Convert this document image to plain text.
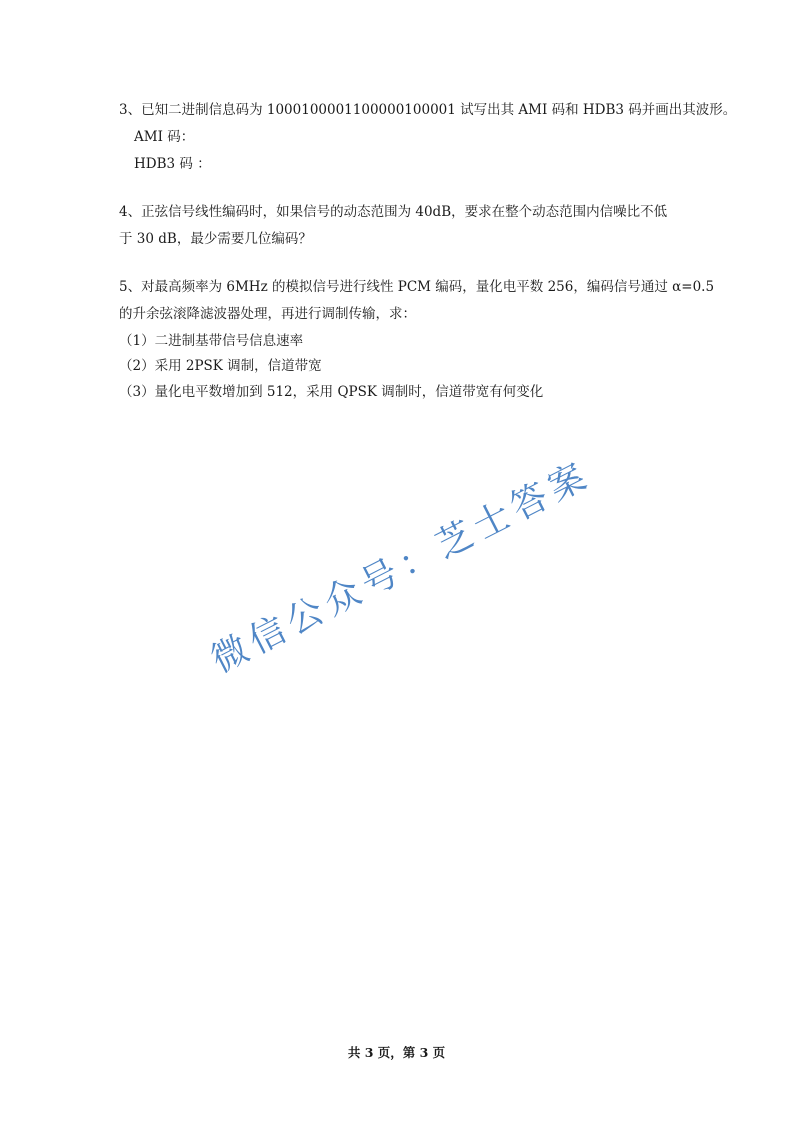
3、已知二进制信息码为 1000100001100000100001 试写出其 AMI 码和 HDB3 码并画出其波形。
AMI 码：
HDB3 码 ：
4、正弦信号线性编码时，如果信号的动态范围为 40dB，要求在整个动态范围内信噪比不低
于 30 dB，最少需要几位编码？
5、对最高频率为 6MHz 的模拟信号进行线性 PCM 编码，量化电平数 256，编码信号通过 α=0.5
的升余弦滚降滤波器处理，再进行调制传输，求：
（1）二进制基带信号信息速率
（2）采用 2PSK 调制，信道带宽
（3）量化电平数增加到 512，采用 QPSK 调制时，信道带宽有何变化
微信公众号：芝士答案
共 3 页，第 3 页
